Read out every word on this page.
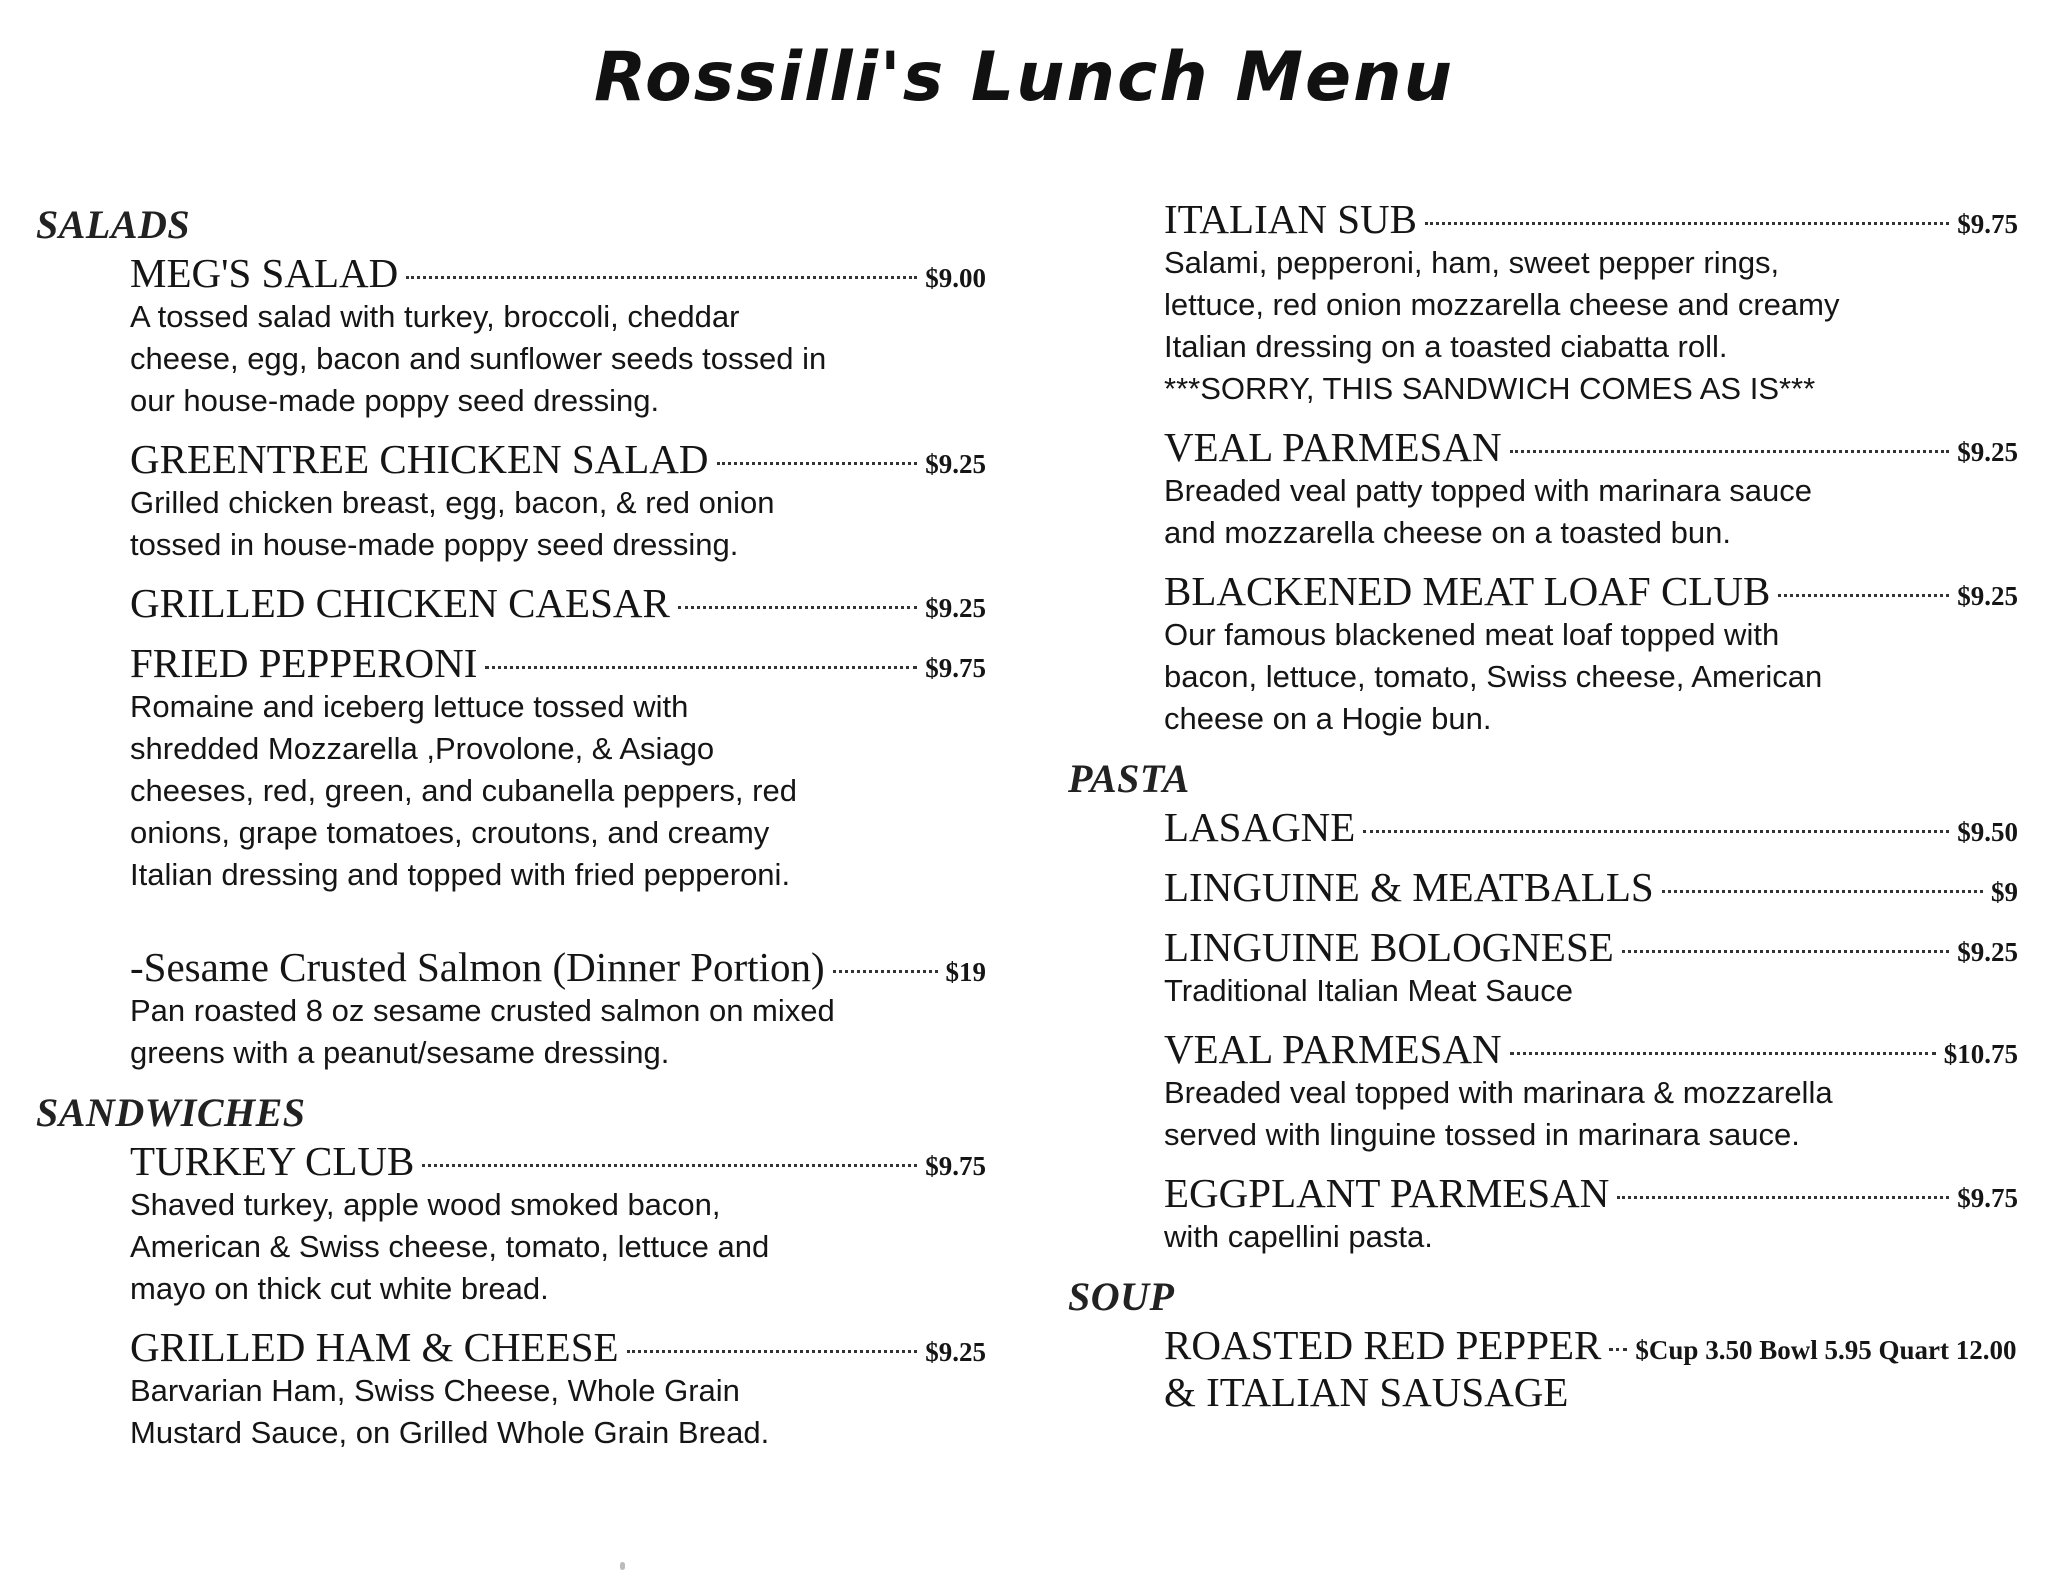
Rossilli's Lunch Menu
SALADS
MEG'S SALAD	$9.00
A tossed salad with turkey, broccoli, cheddar
cheese, egg, bacon and sunflower seeds tossed in
our house-made poppy seed dressing.
GREENTREE CHICKEN SALAD	$9.25
Grilled chicken breast, egg, bacon, & red onion
tossed in house-made poppy seed dressing.
GRILLED CHICKEN CAESAR	$9.25
FRIED PEPPERONI	$9.75
Romaine and iceberg lettuce tossed with
shredded Mozzarella ,Provolone, & Asiago
cheeses, red, green, and cubanella peppers, red
onions, grape tomatoes, croutons, and creamy
Italian dressing and topped with fried pepperoni.
-Sesame Crusted Salmon (Dinner Portion)	$19
Pan roasted 8 oz sesame crusted salmon on mixed
greens with a peanut/sesame dressing.
SANDWICHES
TURKEY CLUB	$9.75
Shaved turkey, apple wood smoked bacon,
American & Swiss cheese, tomato, lettuce and
mayo on thick cut white bread.
GRILLED HAM & CHEESE	$9.25
Barvarian Ham, Swiss Cheese, Whole Grain
Mustard Sauce, on Grilled Whole Grain Bread.
ITALIAN SUB	$9.75
Salami, pepperoni, ham, sweet pepper rings,
lettuce, red onion mozzarella cheese and creamy
Italian dressing on a toasted ciabatta roll.
***SORRY, THIS SANDWICH COMES AS IS***
VEAL PARMESAN	$9.25
Breaded veal patty topped with marinara sauce
and mozzarella cheese on a toasted bun.
BLACKENED MEAT LOAF CLUB	$9.25
Our famous blackened meat loaf topped with
bacon, lettuce, tomato, Swiss cheese, American
cheese on a Hogie bun.
PASTA
LASAGNE	$9.50
LINGUINE & MEATBALLS	$9
LINGUINE BOLOGNESE	$9.25
Traditional Italian Meat Sauce
VEAL PARMESAN	$10.75
Breaded veal topped with marinara & mozzarella
served with linguine tossed in marinara sauce.
EGGPLANT PARMESAN	$9.75
with capellini pasta.
SOUP
ROASTED RED PEPPER $Cup 3.50 Bowl 5.95 Quart 12.00
& ITALIAN SAUSAGE
